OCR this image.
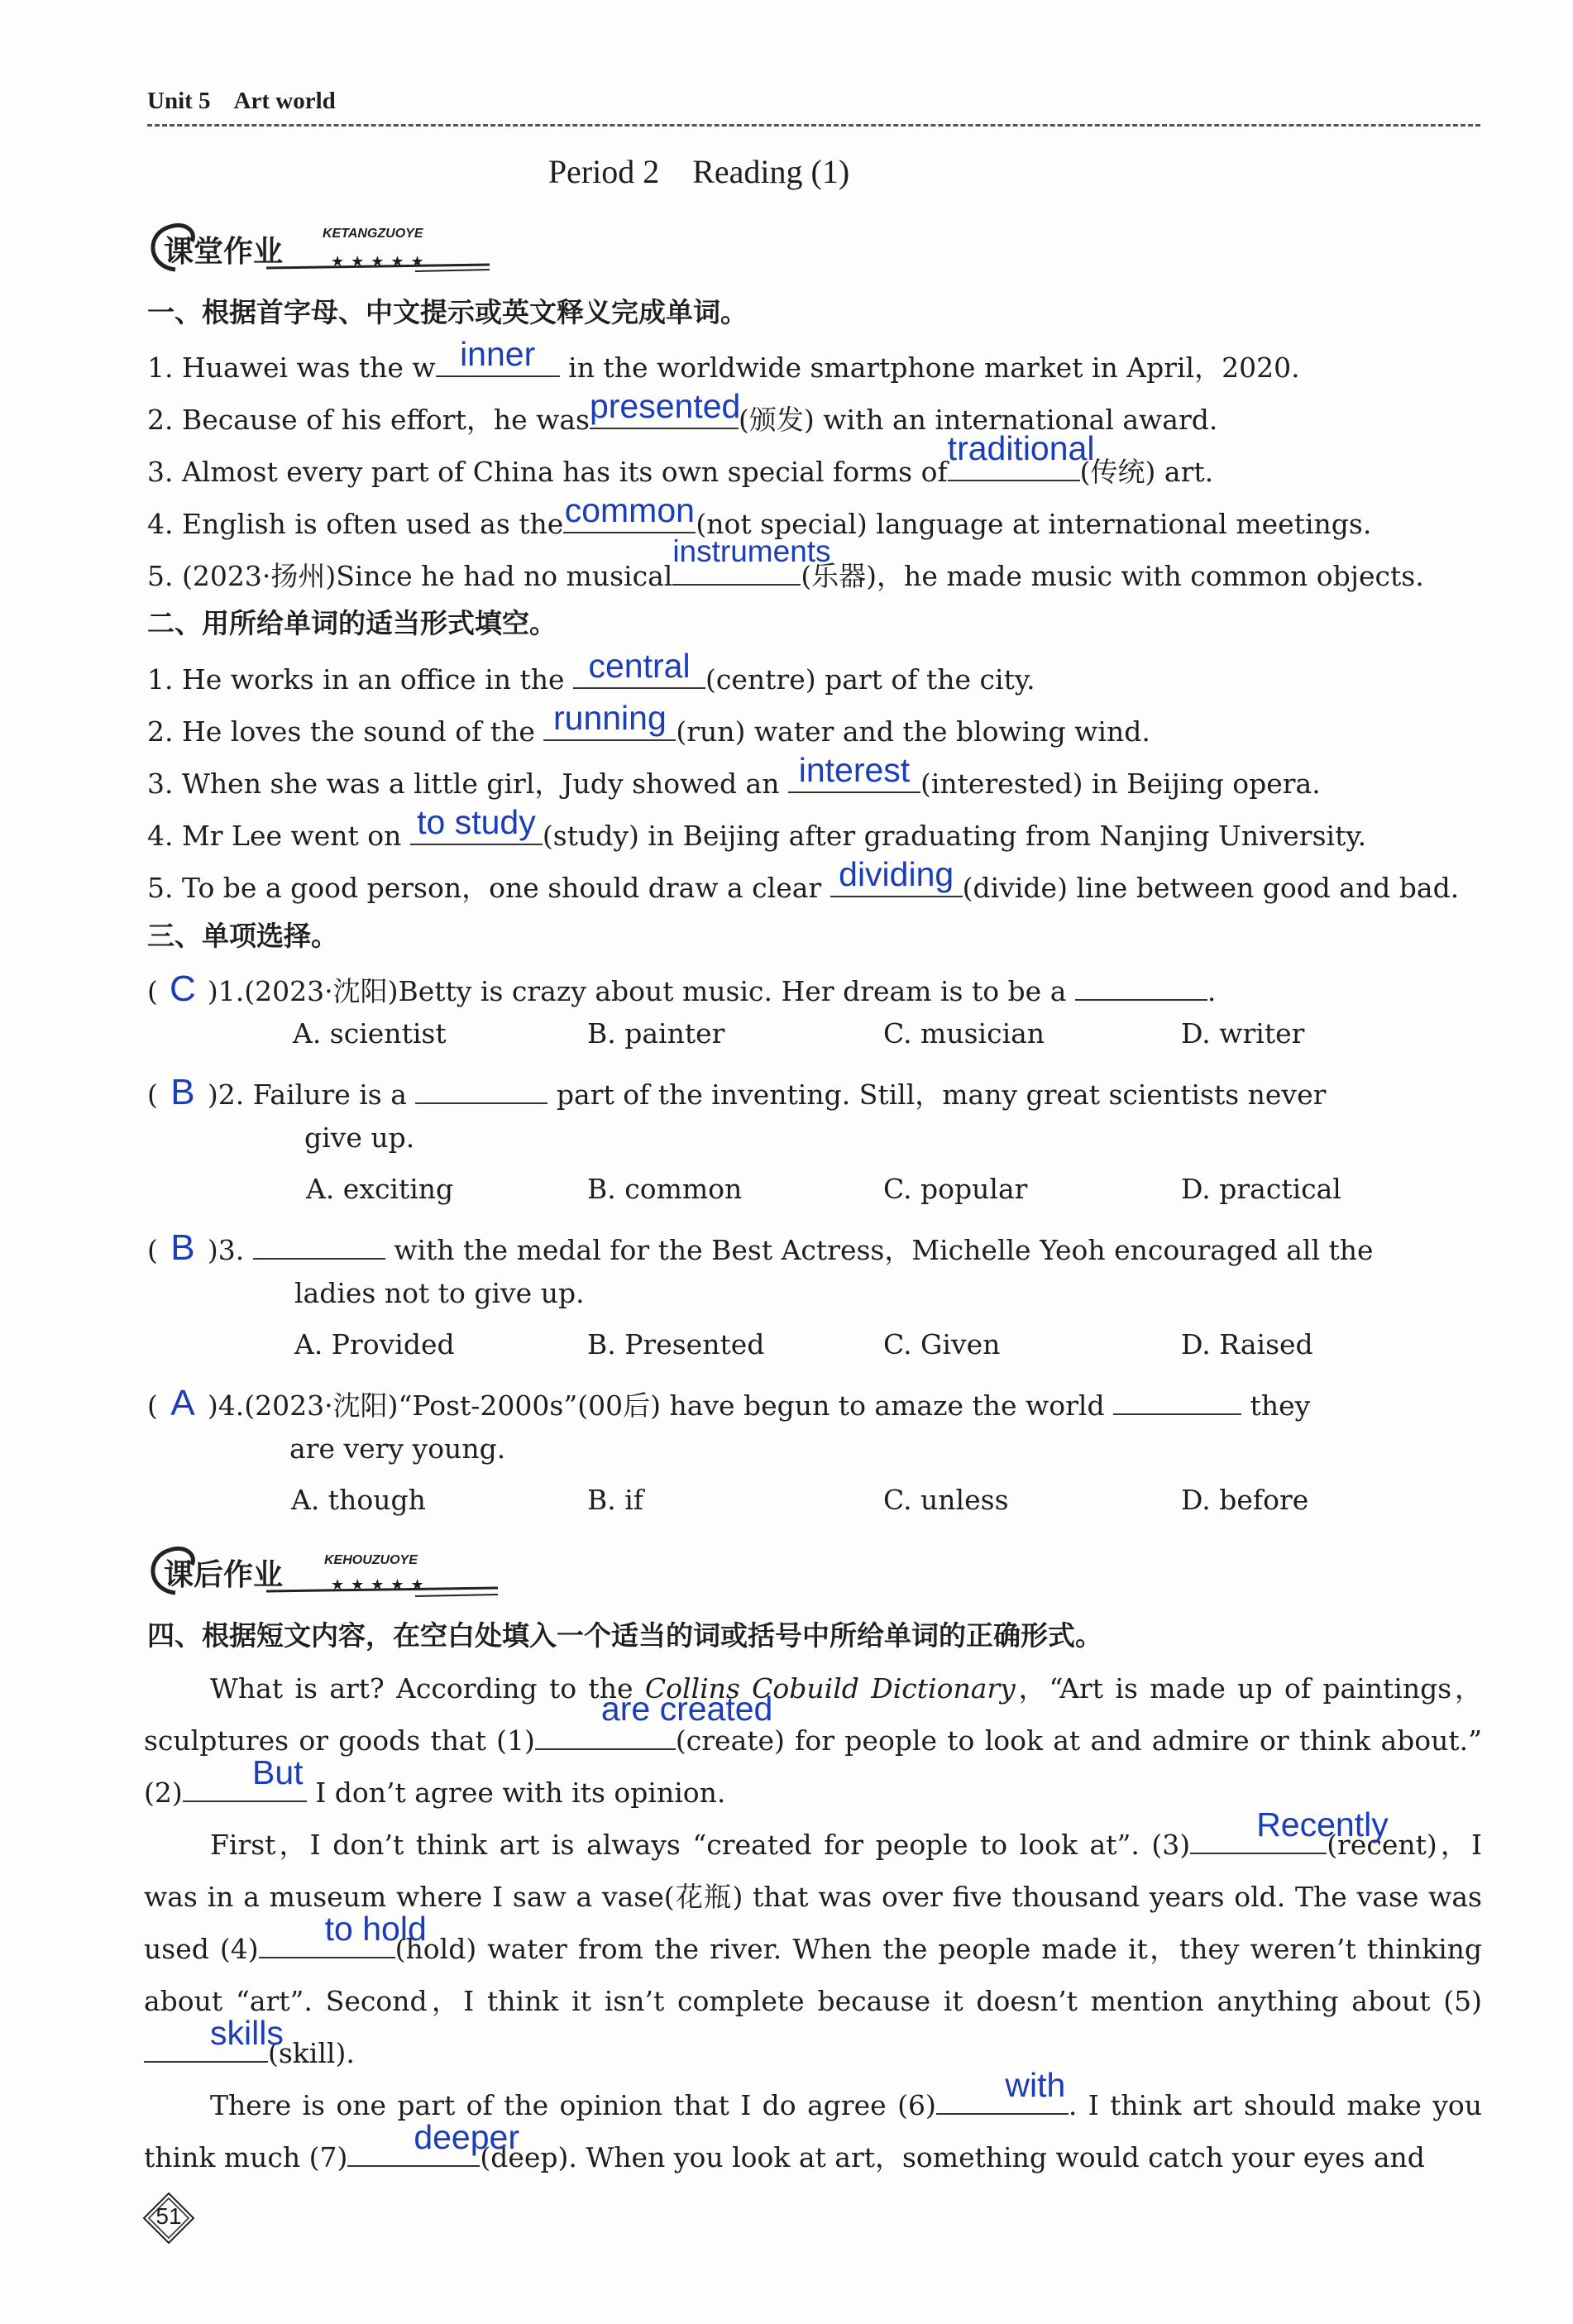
Unit 5 Art world
Period 2　Reading (1)
课堂作业
KETANGZUOYE
★★★★★
一、根据首字母、中文提示或英文释义完成单词。
1. Huawei was the w inner in the worldwide smartphone market in April，2020.
2. Because of his effort，he was presented
(颁发) with an international award.
3. Almost every part of China has its own special forms of
traditional
(传统) art.
4. English is often used as the common (not special) language at international meetings.
5. (2023·扬州)Since he had no musical
instruments
(乐器)，he made music with common objects.
二、用所给单词的适当形式填空。
1. He works in an office in the central (centre) part of the city.
2. He loves the sound of the running (run) water and the blowing wind.
3. When she was a little girl，Judy showed an interest (interested) in Beijing opera.
4. Mr Lee went on to study (study) in Beijing after graduating from Nanjing University.
5. To be a good person，one should draw a clear dividing (divide) line between good and bad.
三、单项选择。
( C )1.(2023·沈阳)Betty is crazy about music. Her dream is to be a	.
A. scientist	B. painter	C. musician	D. writer
( B )2. Failure is a	part of the inventing. Still，many great scientists never
give up.
A. exciting	B. common	C. popular	D. practical
( B )3.	with the medal for the Best Actress，Michelle Yeoh encouraged all the
ladies not to give up.
A. Provided	B. Presented	C. Given	D. Raised
( A )4.(2023·沈阳)“Post-2000s”(00后) have begun to amaze the world	they
are very young.
A. though	B. if	C. unless	D. before
课后作业	KEHOUZUOYE
★★★★★
四、根据短文内容，在空白处填入一个适当的词或括号中所给单词的正确形式。

What is art? According to the Collins Cobuild Dictionary，“Art is made up of paintings，sculptures or goods that (1)
are created
(create) for people to look at and admire or think about.” (2)
But
I don’t agree with its opinion.

First，I don’t think art is always “created for people to look at”. (3)
Recently
(recent)，I was in a museum where I saw a vase(花瓶) that was over five thousand years old. The vase was used (4)
to hold
(hold) water from the river. When the people made it，they weren’t thinking about “art”. Second，I think it isn’t complete because it doesn’t mention anything about (5)
skills
(skill).

There is one part of the opinion that I do agree (6)
with
. I think art should make you think much (7)
deeper
(deep). When you look at art，something would catch your eyes and

51
